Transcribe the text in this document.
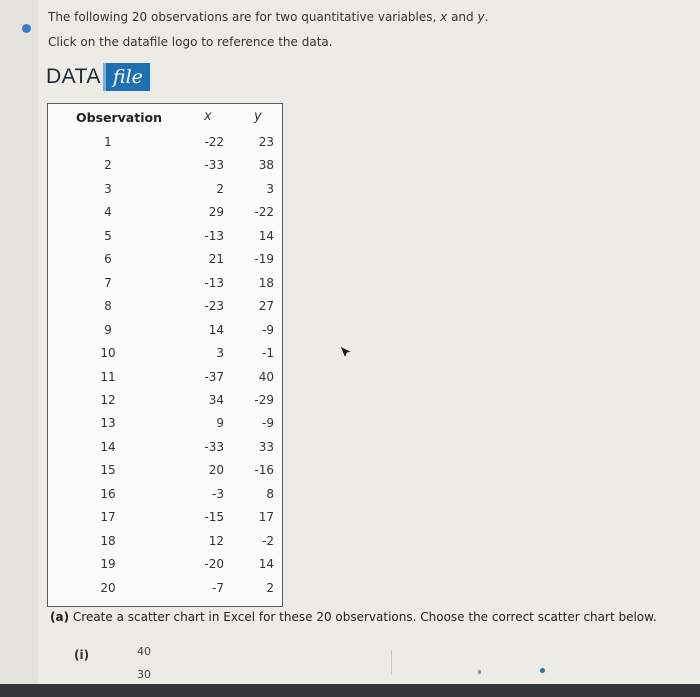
The following 20 observations are for two quantitative variables, x and y.
Click on the datafile logo to reference the data.
DATA file
Observation	x	y
1	-22	23
2	-33	38
3	2	3
4	29	-22
5	-13	14
6	21	-19
7	-13	18
8	-23	27
9	14	-9
10	3	-1
11	-37	40
12	34	-29
13	9	-9
14	-33	33
15	20	-16
16	-3	8
17	-15	17
18	12	-2
19	-20	14
20	-7	2
(a) Create a scatter chart in Excel for these 20 observations. Choose the correct scatter chart below.
(i)	40
30
